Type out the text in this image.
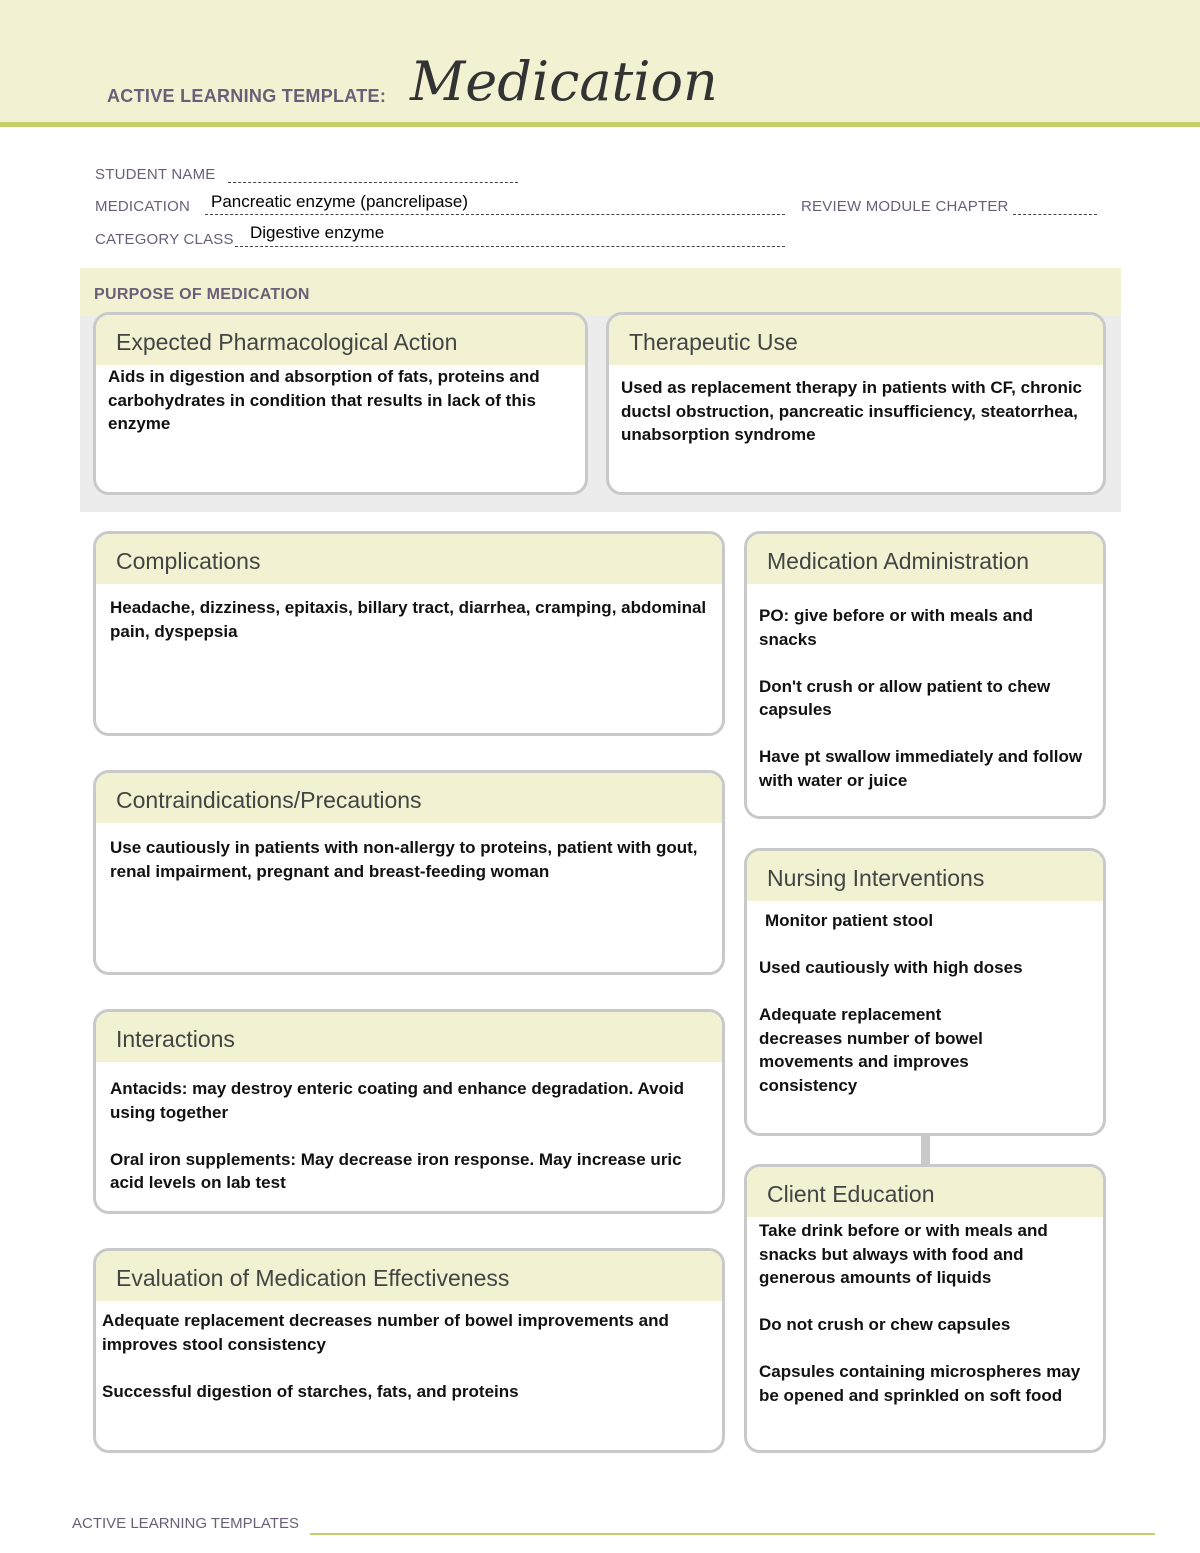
ACTIVE LEARNING TEMPLATE: Medication
STUDENT NAME
MEDICATION Pancreatic enzyme (pancrelipase)	REVIEW MODULE CHAPTER
CATEGORY CLASS Digestive enzyme
PURPOSE OF MEDICATION
Expected Pharmacological Action

Aids in digestion and absorption of fats, proteins and carbohydrates in condition that results in lack of this enzyme

Therapeutic Use

Used as replacement therapy in patients with CF, chronic ductsl obstruction, pancreatic insufficiency, steatorrhea, unabsorption syndrome

Complications

Headache, dizziness, epitaxis, billary tract, diarrhea, cramping, abdominal pain, dyspepsia

Contraindications/Precautions

Use cautiously in patients with non-allergy to proteins, patient with gout, renal impairment, pregnant and breast-feeding woman

Interactions

Antacids: may destroy enteric coating and enhance degradation. Avoid using together

Oral iron supplements: May decrease iron response. May increase uric acid levels on lab test

Evaluation of Medication Effectiveness

Adequate replacement decreases number of bowel improvements and improves stool consistency

Successful digestion of starches, fats, and proteins

Medication Administration

PO: give before or with meals and snacks

Don't crush or allow patient to chew capsules

Have pt swallow immediately and follow with water or juice

Nursing Interventions

Monitor patient stool

Used cautiously with high doses

Adequate replacement decreases number of bowel movements and improves consistency

Client Education

Take drink before or with meals and snacks but always with food and generous amounts of liquids

Do not crush or chew capsules

Capsules containing microspheres may be opened and sprinkled on soft food

ACTIVE LEARNING TEMPLATES
